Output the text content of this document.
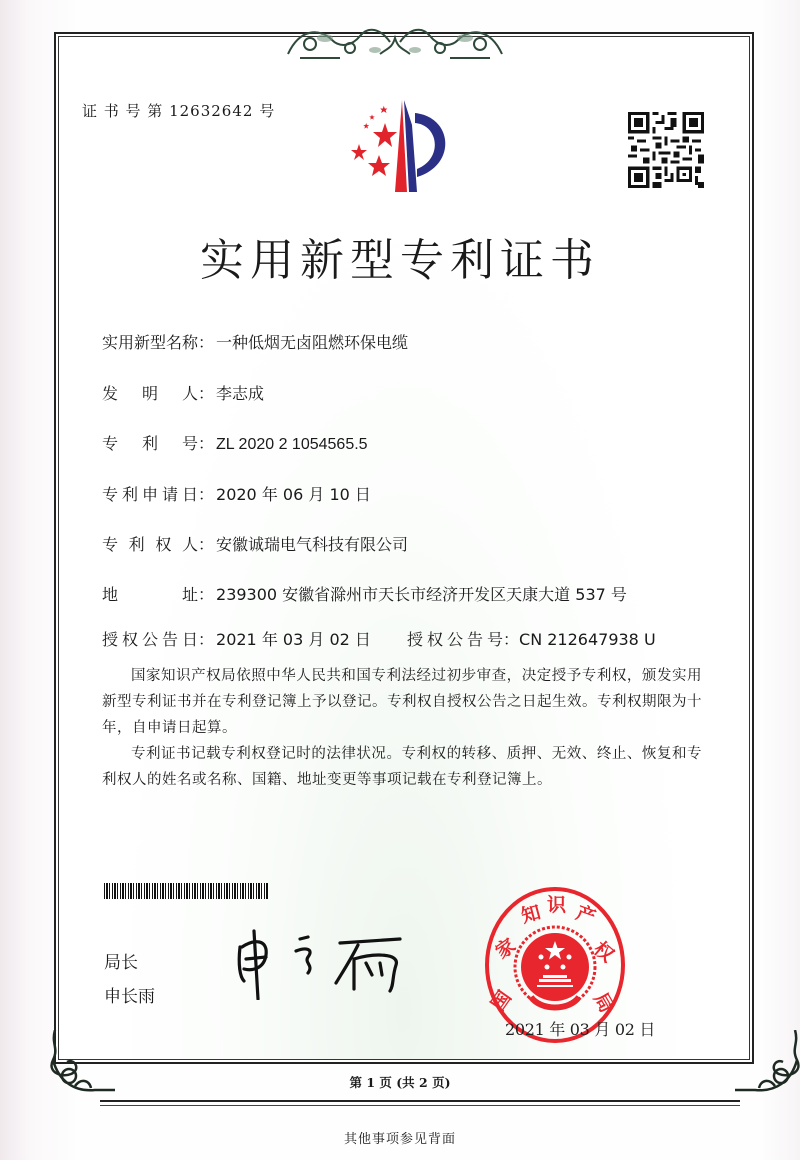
证 书 号 第 12632642 号
实用新型专利证书
实用新型名称： 一种低烟无卤阻燃环保电缆
发 明 人 ： 李志成
专 利 号 ： ZL 2020 2 1054565.5
专 利 申 请 日 ： 2020 年 06 月 10 日
专 利 权 人 ： 安徽诚瑞电气科技有限公司
地	址 ： 239300 安徽省滁州市天长市经济开发区天康大道 537 号
授 权 公 告 日 ： 2021 年 03 月 02 日 授 权 公 告 号 ：CN 212647938 U
国家知识产权局依照中华人民共和国专利法经过初步审查，决定授予专利权，颁发实用新型专利证书并在专利登记簿上予以登记。专利权自授权公告之日起生效。专利权期限为十年，自申请日起算。
专利证书记载专利权登记时的法律状况。专利权的转移、质押、无效、终止、恢复和专利权人的姓名或名称、国籍、地址变更等事项记载在专利登记簿上。
局长
申长雨	国
家
知 识 产
权
局
2021 年 03 月 02 日
第 1 页 (共 2 页)
其他事项参见背面
